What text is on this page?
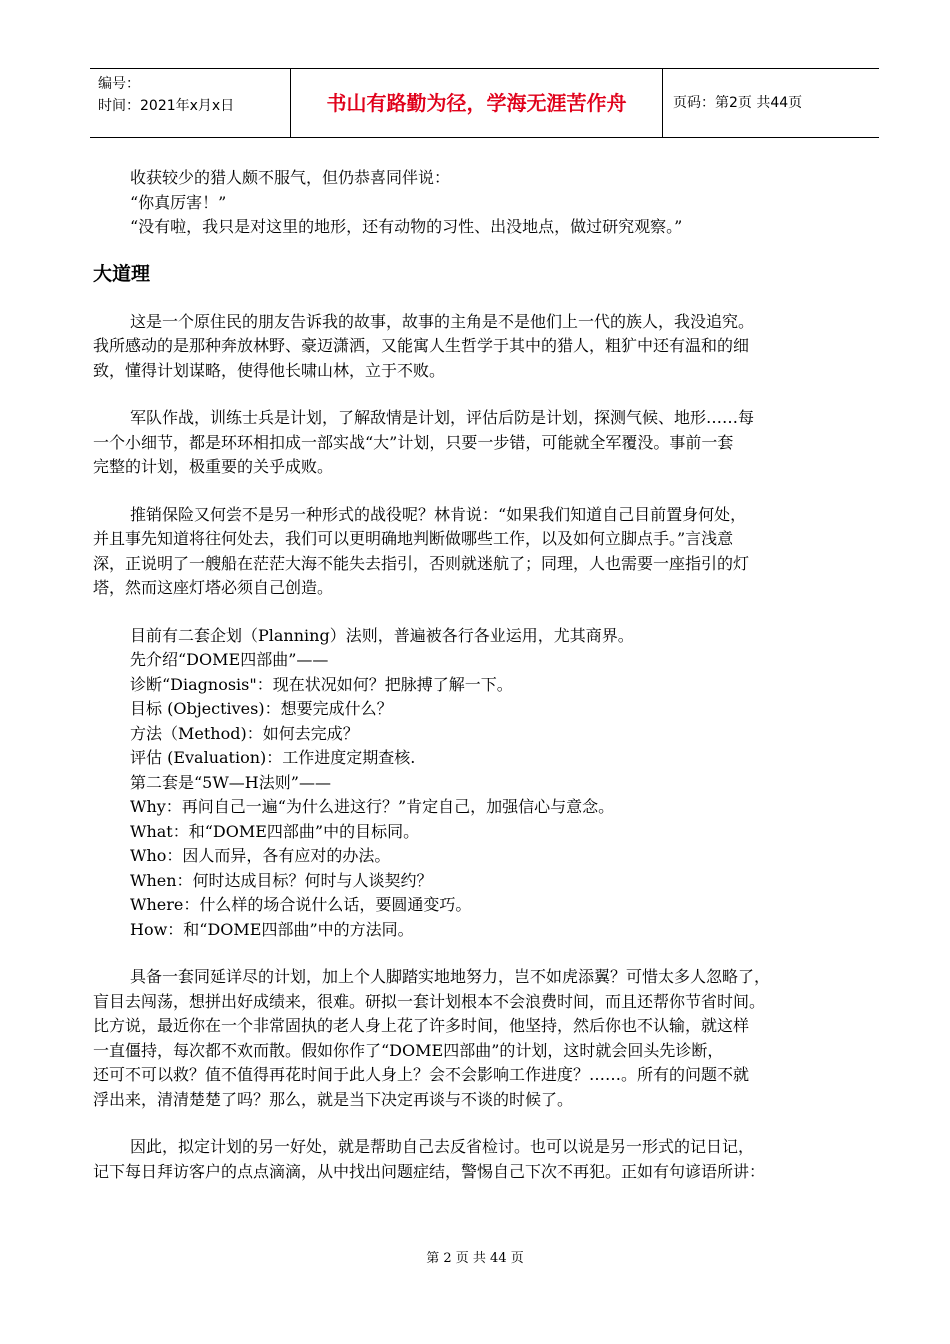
编号：
时间：2021年x月x日	书山有路勤为径，学海无涯苦作舟	页码：第2页 共44页
收获较少的猎人颇不服气，但仍恭喜同伴说：
“你真厉害！”
“没有啦，我只是对这里的地形，还有动物的习性、出没地点，做过研究观察。”
大道理
这是一个原住民的朋友告诉我的故事，故事的主角是不是他们上一代的族人，我没追究。
我所感动的是那种奔放林野、豪迈潇洒，又能寓人生哲学于其中的猎人，粗犷中还有温和的细
致，懂得计划谋略，使得他长啸山林，立于不败。
军队作战，训练士兵是计划，了解敌情是计划，评估后防是计划，探测气候、地形……每
一个小细节，都是环环相扣成一部实战“大”计划，只要一步错，可能就全军覆没。事前一套
完整的计划，极重要的关乎成败。
推销保险又何尝不是另一种形式的战役呢？林肯说：“如果我们知道自己目前置身何处，
并且事先知道将往何处去，我们可以更明确地判断做哪些工作，以及如何立脚点手。”言浅意
深，正说明了一艘船在茫茫大海不能失去指引，否则就迷航了；同理，人也需要一座指引的灯
塔，然而这座灯塔必须自己创造。
目前有二套企划（Planning）法则，普遍被各行各业运用，尤其商界。
先介绍“DOME四部曲”——
诊断“Diagnosis"：现在状况如何？把脉搏了解一下。
目标 (Objectives)：想要完成什么？
方法（Method)：如何去完成？
评估 (Evaluation)：工作进度定期查核.
第二套是“5W—H法则”——
Why：再问自己一遍“为什么进这行？”肯定自己，加强信心与意念。
What：和“DOME四部曲”中的目标同。
Who：因人而异，各有应对的办法。
When：何时达成目标？何时与人谈契约？
Where：什么样的场合说什么话，要圆通变巧。
How：和“DOME四部曲”中的方法同。
具备一套同延详尽的计划，加上个人脚踏实地地努力，岂不如虎添翼？可惜太多人忽略了，
盲目去闯荡，想拼出好成绩来，很难。研拟一套计划根本不会浪费时间，而且还帮你节省时间。
比方说，最近你在一个非常固执的老人身上花了许多时间，他坚持，然后你也不认输，就这样
一直僵持，每次都不欢而散。假如你作了“DOME四部曲”的计划，这时就会回头先诊断，
还可不可以救？值不值得再花时间于此人身上？会不会影响工作进度？……。所有的问题不就
浮出来，清清楚楚了吗？那么，就是当下决定再谈与不谈的时候了。
因此，拟定计划的另一好处，就是帮助自己去反省检讨。也可以说是另一形式的记日记，
记下每日拜访客户的点点滴滴，从中找出问题症结，警惕自己下次不再犯。正如有句谚语所讲：
第 2 页 共 44 页
